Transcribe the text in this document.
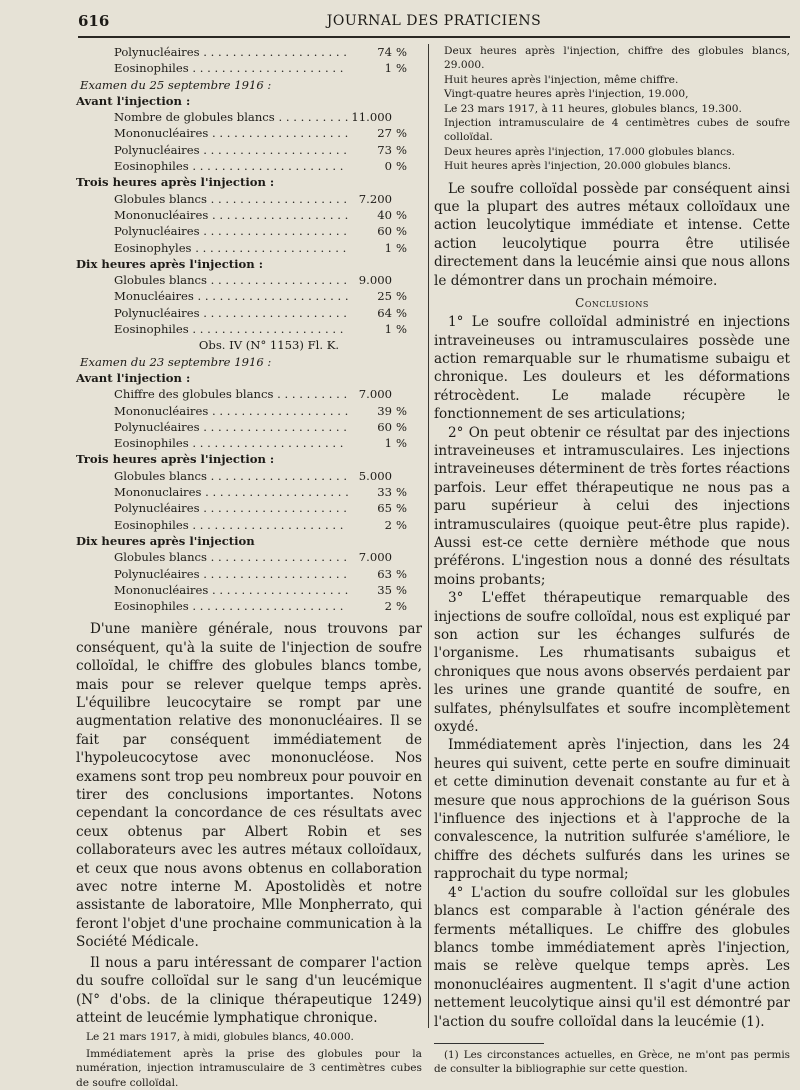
616	JOURNAL DES PRATICIENS
Polynucléaires . . .	74 %
Eosinophiles . . .	1 %
Examen du 25 septembre 1916 :
Avant l'injection :
Nombre de globules blancs . . .	11.000
Mononucléaires . . .	27 %
Polynucléaires . . .	73 %
Eosinophiles . . .	0 %
Trois heures après l'injection :
Globules blancs . . .	7.200
Mononucléaires . . .	40 %
Polynucléaires . . .	60 %
Eosinophyles . . .	1 %
Dix heures après l'injection :
Globules blancs . . .	9.000
Monucléaires . . .	25 %
Polynucléaires . . .	64 %
Eosinophiles . . .	1 %
Obs. IV (N° 1153) Fl. K.
Examen du 23 septembre 1916 :
Avant l'injection :
Chiffre des globules blancs . . .	7.000
Mononucléaires . . .	39 %
Polynucléaires . . .	60 %
Eosinophiles . . .	1 %
Trois heures après l'injection :
Globules blancs . . .	5.000
Mononuclaires . . .	33 %
Polynucléaires . . .	65 %
Eosinophiles . . .	2 %
Dix heures après l'injection
Globules blancs . . .	7.000
Polynucléaires . . .	63 %
Mononucléaires . . .	35 %
Eosinophiles . . .	2 %

D'une manière générale, nous trouvons par conséquent, qu'à la suite de l'injection de soufre colloïdal, le chiffre des globules blancs tombe, mais pour se relever quelque temps après. L'équilibre leucocytaire se rompt par une augmentation relative des mononucléaires. Il se fait par conséquent immédiatement de l'hypoleucocytose avec mononucléose. Nos examens sont trop peu nombreux pour pouvoir en tirer des conclusions importantes. Notons cependant la concordance de ces résultats avec ceux obtenus par Albert Robin et ses collaborateurs avec les autres métaux colloïdaux, et ceux que nous avons obtenus en collaboration avec notre interne M. Apostolidès et notre assistante de laboratoire, Mlle Monpherrato, qui feront l'objet d'une prochaine communication à la Société Médicale.

Il nous a paru intéressant de comparer l'action du soufre colloïdal sur le sang d'un leucémique (N° d'obs. de la clinique thérapeutique 1249) atteint de leucémie lymphatique chronique.

Le 21 mars 1917, à midi, globules blancs, 40.000.

Immédiatement après la prise des globules pour la numération, injection intramusculaire de 3 centimètres cubes de soufre colloïdal.

Deux heures après l'injection, chiffre des globules blancs, 29.000.

Huit heures après l'injection, même chiffre.

Vingt-quatre heures après l'injection, 19.000,

Le 23 mars 1917, à 11 heures, globules blancs, 19.300.

Injection intramusculaire de 4 centimètres cubes de soufre colloïdal.

Deux heures après l'injection, 17.000 globules blancs.

Huit heures après l'injection, 20.000 globules blancs.

Le soufre colloïdal possède par conséquent ainsi que la plupart des autres métaux colloïdaux une action leucolytique immédiate et intense. Cette action leucolytique pourra être utilisée directement dans la leucémie ainsi que nous allons le démontrer dans un prochain mémoire.

Conclusions

1° Le soufre colloïdal administré en injections intraveineuses ou intramusculaires possède une action remarquable sur le rhumatisme subaigu et chronique. Les douleurs et les déformations rétrocèdent. Le malade récupère le fonctionnement de ses articulations;

2° On peut obtenir ce résultat par des injections intraveineuses et intramusculaires. Les injections intraveineuses déterminent de très fortes réactions parfois. Leur effet thérapeutique ne nous pas a paru supérieur à celui des injections intramusculaires (quoique peut-être plus rapide). Aussi est-ce cette dernière méthode que nous préférons. L'ingestion nous a donné des résultats moins probants;

3° L'effet thérapeutique remarquable des injections de soufre colloïdal, nous est expliqué par son action sur les échanges sulfurés de l'organisme. Les rhumatisants subaigus et chroniques que nous avons observés perdaient par les urines une grande quantité de soufre, en sulfates, phénylsulfates et soufre incomplètement oxydé.

Immédiatement après l'injection, dans les 24 heures qui suivent, cette perte en soufre diminuait et cette diminution devenait constante au fur et à mesure que nous approchions de la guérison Sous l'influence des injections et à l'approche de la convalescence, la nutrition sulfurée s'améliore, le chiffre des déchets sulfurés dans les urines se rapprochait du type normal;

4° L'action du soufre colloïdal sur les globules blancs est comparable à l'action générale des ferments métalliques. Le chiffre des globules blancs tombe immédiatement après l'injection, mais se relève quelque temps après. Les mononucléaires augmentent. Il s'agit d'une action nettement leucolytique ainsi qu'il est démontré par l'action du soufre colloïdal dans la leucémie (1).

(1) Les circonstances actuelles, en Grèce, ne m'ont pas permis de consulter la bibliographie sur cette question.
